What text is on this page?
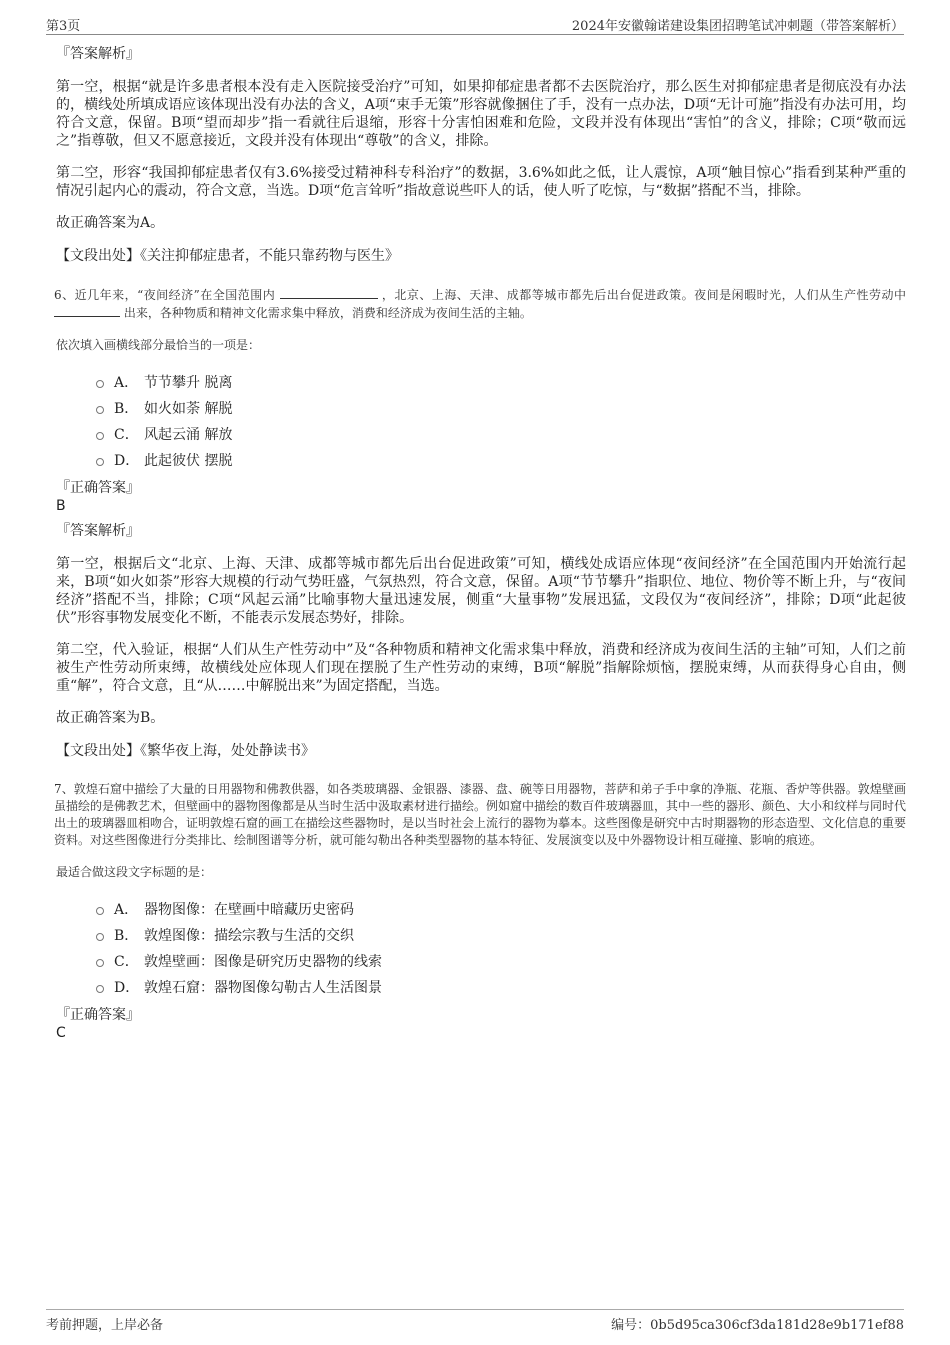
第3页	2024年安徽翰诺建设集团招聘笔试冲刺题（带答案解析）
『答案解析』

第一空，根据“就是许多患者根本没有走入医院接受治疗”可知，如果抑郁症患者都不去医院治疗，那么医生对抑郁症患者是彻底没有办法的，横线处所填成语应该体现出没有办法的含义，A项“束手无策”形容就像捆住了手，没有一点办法，D项“无计可施”指没有办法可用，均符合文意，保留。B项“望而却步”指一看就往后退缩，形容十分害怕困难和危险，文段并没有体现出“害怕”的含义，排除；C项“敬而远之”指尊敬，但又不愿意接近，文段并没有体现出“尊敬”的含义，排除。

第二空，形容“我国抑郁症患者仅有3.6%接受过精神科专科治疗”的数据，3.6%如此之低，让人震惊，A项“触目惊心”指看到某种严重的情况引起内心的震动，符合文意，当选。D项“危言耸听”指故意说些吓人的话，使人听了吃惊，与“数据”搭配不当，排除。

故正确答案为A。

【文段出处】《关注抑郁症患者，不能只靠药物与医生》

6、近几年来，“夜间经济”在全国范围内	，北京、上海、天津、成都等城市都先后出台促进政策。夜间是闲暇时光，人们从生产性劳动中  出来，各种物质和精神文化需求集中释放，消费和经济成为夜间生活的主轴。

依次填入画横线部分最恰当的一项是：
A． 节节攀升 脱离
B． 如火如荼 解脱
C． 风起云涌 解放
D． 此起彼伏 摆脱
『正确答案』
B
『答案解析』

第一空，根据后文“北京、上海、天津、成都等城市都先后出台促进政策”可知，横线处成语应体现“夜间经济”在全国范围内开始流行起来，B项“如火如荼”形容大规模的行动气势旺盛，气氛热烈，符合文意，保留。A项“节节攀升”指职位、地位、物价等不断上升，与“夜间经济”搭配不当，排除；C项“风起云涌”比喻事物大量迅速发展，侧重“大量事物”发展迅猛，文段仅为“夜间经济”，排除；D项“此起彼伏”形容事物发展变化不断，不能表示发展态势好，排除。

第二空，代入验证，根据“人们从生产性劳动中”及“各种物质和精神文化需求集中释放，消费和经济成为夜间生活的主轴”可知，人们之前被生产性劳动所束缚，故横线处应体现人们现在摆脱了生产性劳动的束缚，B项“解脱”指解除烦恼，摆脱束缚，从而获得身心自由，侧重“解”，符合文意，且“从……中解脱出来”为固定搭配，当选。

故正确答案为B。

【文段出处】《繁华夜上海，处处静读书》

7、敦煌石窟中描绘了大量的日用器物和佛教供器，如各类玻璃器、金银器、漆器、盘、碗等日用器物，菩萨和弟子手中拿的净瓶、花瓶、香炉等供器。敦煌壁画虽描绘的是佛教艺术，但壁画中的器物图像都是从当时生活中汲取素材进行描绘。例如窟中描绘的数百件玻璃器皿，其中一些的器形、颜色、大小和纹样与同时代出土的玻璃器皿相吻合，证明敦煌石窟的画工在描绘这些器物时，是以当时社会上流行的器物为摹本。这些图像是研究中古时期器物的形态造型、文化信息的重要资料。对这些图像进行分类排比、绘制图谱等分析，就可能勾勒出各种类型器物的基本特征、发展演变以及中外器物设计相互碰撞、影响的痕迹。

最适合做这段文字标题的是：
A． 器物图像：在壁画中暗藏历史密码
B． 敦煌图像：描绘宗教与生活的交织
C． 敦煌壁画：图像是研究历史器物的线索
D． 敦煌石窟：器物图像勾勒古人生活图景
『正确答案』
C
考前押题，上岸必备	编号：0b5d95ca306cf3da181d28e9b171ef88
